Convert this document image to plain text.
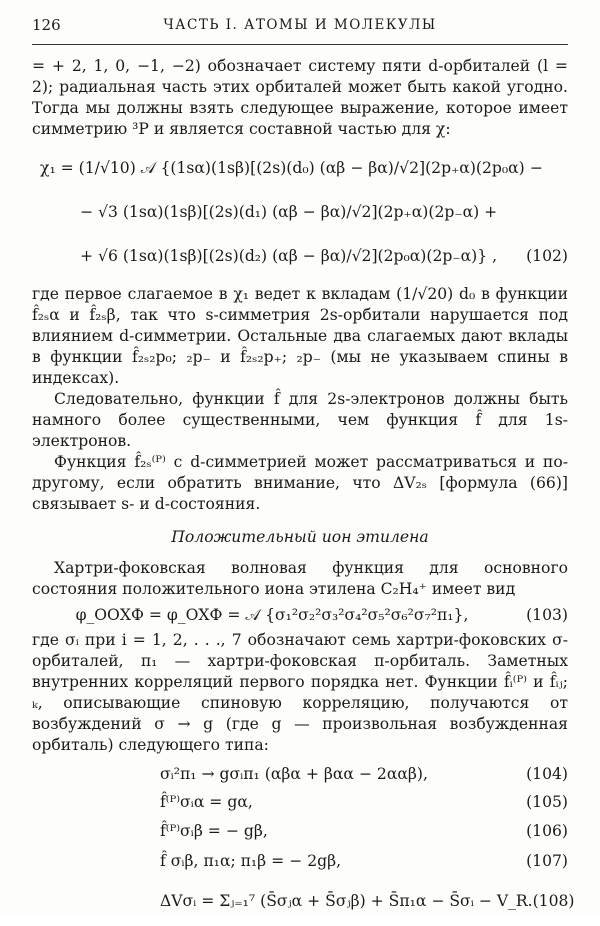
126	ЧАСТЬ I. АТОМЫ И МОЛЕКУЛЫ

= + 2, 1, 0, −1, −2) обозначает систему пяти d-орбиталей (l = 2); радиальная часть этих орбиталей может быть какой угодно. Тогда мы должны взять следующее выражение, которое имеет симметрию ³P и является составной частью для χ:

χ₁ = (1/√10) 𝒜 {(1sα)(1sβ)[(2s)(d₀) (αβ − βα)/√2](2p₊α)(2p₀α) −
− √3 (1sα)(1sβ)[(2s)(d₁) (αβ − βα)/√2](2p₊α)(2p₋α) +
+ √6 (1sα)(1sβ)[(2s)(d₂) (αβ − βα)/√2](2p₀α)(2p₋α)} ,	(102)

где первое слагаемое в χ₁ ведет к вкладам (1/√20) d₀ в функции f̂₂ₛα и f̂₂ₛβ, так что s-симметрия 2s-орбитали нарушается под влиянием d-симметрии. Остальные два слагаемых дают вклады в функции f̂₂ₛ₂p₀; ₂p₋ и f̂₂ₛ₂p₊; ₂p₋ (мы не указываем спины в индексах).

Следовательно, функции f̂ для 2s-электронов должны быть намного более существенными, чем функция f̂ для 1s-электронов.

Функция f̂₂ₛ⁽ᴾ⁾ с d-симметрией может рассматриваться и по-другому, если обратить внимание, что ΔV₂ₛ [формула (66)] связывает s- и d-состояния.

Положительный ион этилена

Хартри-фоковская волновая функция для основного состояния положительного иона этилена C₂H₄⁺ имеет вид

φ_ООХФ = φ_ОХФ = 𝒜 {σ₁²σ₂²σ₃²σ₄²σ₅²σ₆²σ₇²π₁},	(103)

где σᵢ при i = 1, 2, . . ., 7 обозначают семь хартри-фоковских σ-орбиталей, π₁ — хартри-фоковская π-орбиталь. Заметных внутренних корреляций первого порядка нет. Функции f̂ᵢ⁽ᴾ⁾ и f̂ᵢⱼ; ₖ, описывающие спиновую корреляцию, получаются от возбуждений σ → g (где g — произвольная возбужденная орбиталь) следующего типа:

σᵢ²π₁ → gσᵢπ₁ (αβα + βαα − 2ααβ),	(104)
f̂⁽ᴾ⁾σᵢα = gα,	(105)
f̂⁽ᴾ⁾σᵢβ = − gβ,	(106)
f̂ σᵢβ, π₁α; π₁β = − 2gβ,	(107)
ΔVσᵢ = Σⱼ₌₁⁷ (S̄σⱼα + S̄σⱼβ) + S̄π₁α − S̄σᵢ − V_R. (108)
